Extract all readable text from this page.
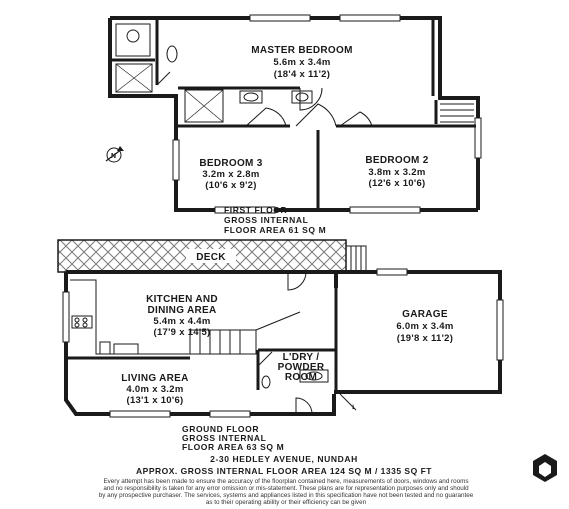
MASTER BEDROOM
5.6m x 3.4m
(18'4 x 11'2)
BEDROOM 3
3.2m x 2.8m
(10'6 x 9'2)
BEDROOM 2
3.8m x 3.2m
(12'6 x 10'6)
FIRST FLOOR
GROSS INTERNAL
FLOOR AREA 61 SQ M
N
DECK
ℹ
KITCHEN AND
DINING AREA
5.4m x 4.4m
(17'9 x 14'5)
GARAGE
6.0m x 3.4m
(19'8 x 11'2)
LIVING AREA
4.0m x 3.2m
(13'1 x 10'6)
L'DRY /
POWDER
ROOM
GROUND FLOOR
GROSS INTERNAL
FLOOR AREA 63 SQ M
2-30 HEDLEY AVENUE, NUNDAH
APPROX. GROSS INTERNAL FLOOR AREA 124 SQ M / 1335 SQ FT
Every attempt has been made to ensure the accuracy of the floorplan contained here, measurements of doors, windows and rooms
and no responsibility is taken for any error omission or mis-statement. These plans are for representation purposes only and should
by any prospective purchaser. The services, systems and appliances listed in this specification have not been tested and no guarantee
as to their operating ability or their efficiency can be given
